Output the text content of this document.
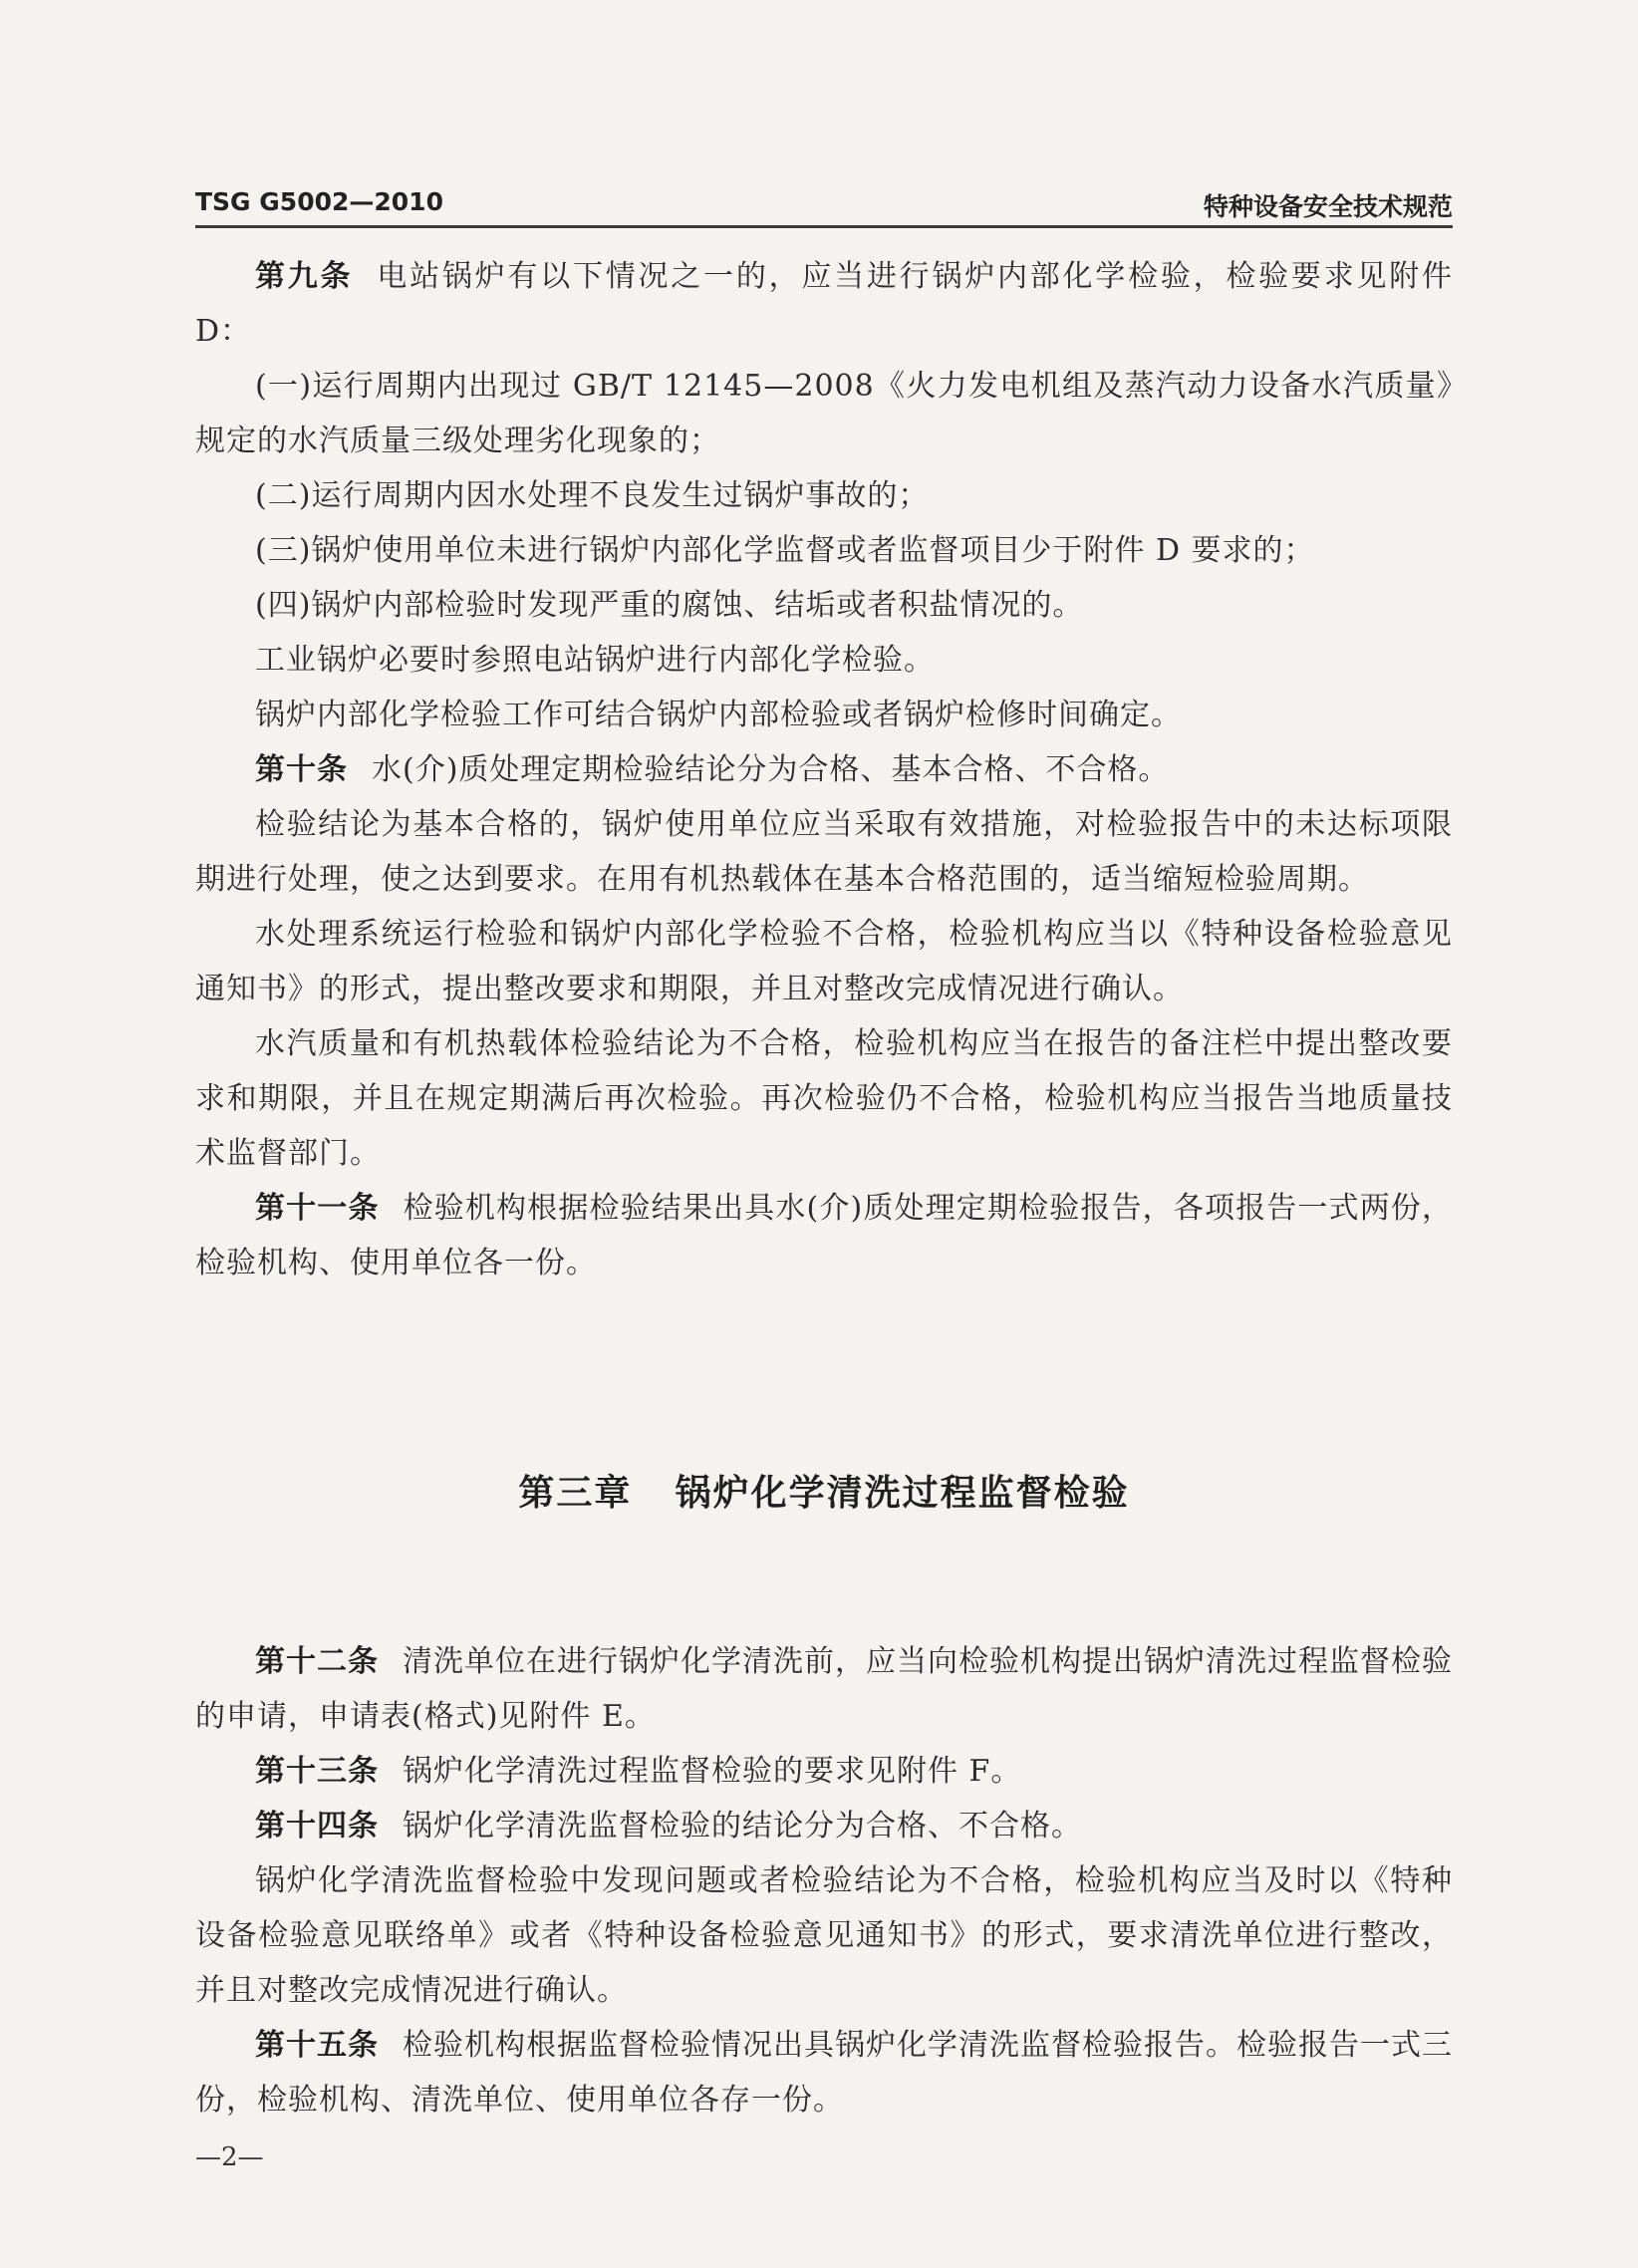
TSG G5002—2010	特种设备安全技术规范

第九条 电站锅炉有以下情况之一的，应当进行锅炉内部化学检验，检验要求见附件 D：

(一)运行周期内出现过 GB/T 12145—2008《火力发电机组及蒸汽动力设备水汽质量》规定的水汽质量三级处理劣化现象的；

(二)运行周期内因水处理不良发生过锅炉事故的；

(三)锅炉使用单位未进行锅炉内部化学监督或者监督项目少于附件 D 要求的；

(四)锅炉内部检验时发现严重的腐蚀、结垢或者积盐情况的。

工业锅炉必要时参照电站锅炉进行内部化学检验。

锅炉内部化学检验工作可结合锅炉内部检验或者锅炉检修时间确定。

第十条 水(介)质处理定期检验结论分为合格、基本合格、不合格。

检验结论为基本合格的，锅炉使用单位应当采取有效措施，对检验报告中的未达标项限期进行处理，使之达到要求。在用有机热载体在基本合格范围的，适当缩短检验周期。

水处理系统运行检验和锅炉内部化学检验不合格，检验机构应当以《特种设备检验意见通知书》的形式，提出整改要求和期限，并且对整改完成情况进行确认。

水汽质量和有机热载体检验结论为不合格，检验机构应当在报告的备注栏中提出整改要求和期限，并且在规定期满后再次检验。再次检验仍不合格，检验机构应当报告当地质量技术监督部门。

第十一条 检验机构根据检验结果出具水(介)质处理定期检验报告，各项报告一式两份，检验机构、使用单位各一份。

第三章 锅炉化学清洗过程监督检验

第十二条 清洗单位在进行锅炉化学清洗前，应当向检验机构提出锅炉清洗过程监督检验的申请，申请表(格式)见附件 E。

第十三条 锅炉化学清洗过程监督检验的要求见附件 F。

第十四条 锅炉化学清洗监督检验的结论分为合格、不合格。

锅炉化学清洗监督检验中发现问题或者检验结论为不合格，检验机构应当及时以《特种设备检验意见联络单》或者《特种设备检验意见通知书》的形式，要求清洗单位进行整改，并且对整改完成情况进行确认。

第十五条 检验机构根据监督检验情况出具锅炉化学清洗监督检验报告。检验报告一式三份，检验机构、清洗单位、使用单位各存一份。

—2—
